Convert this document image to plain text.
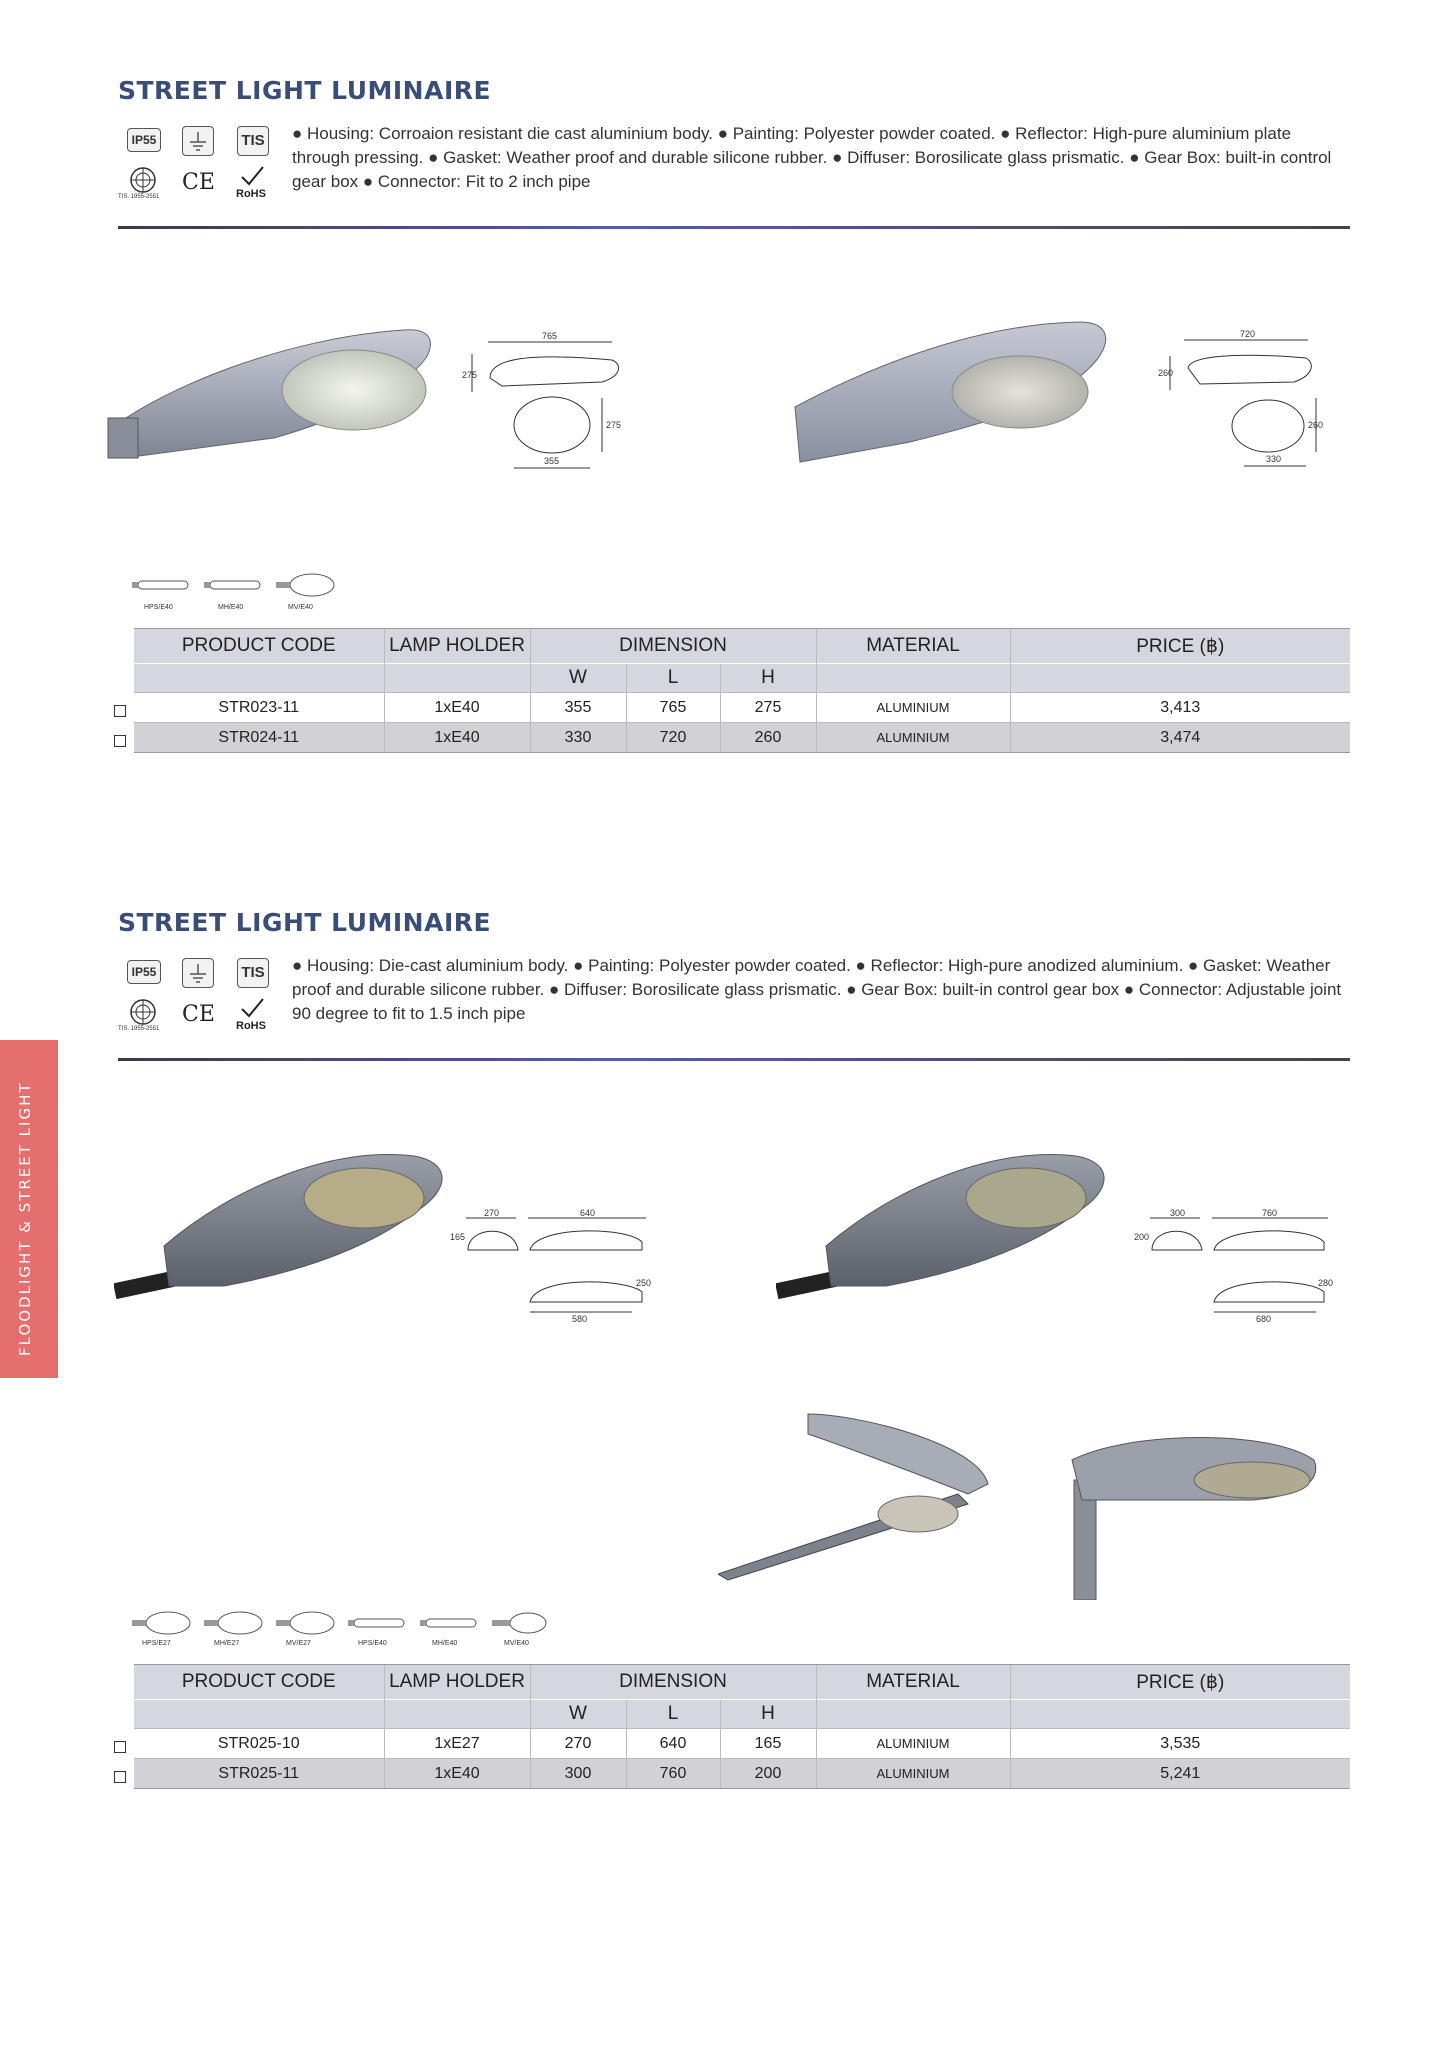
FLOODLIGHT & STREET LIGHT
STREET LIGHT LUMINAIRE
IP55	TIS
TIS. 1955-2551
CE RoHS
● Housing: Corroaion resistant die cast aluminium body. ● Painting: Polyester powder coated. ● Reflector: High-pure aluminium plate through pressing. ● Gasket: Weather proof and durable silicone rubber. ● Diffuser: Borosilicate glass prismatic. ● Gear Box: built-in control gear box ● Connector: Fit to 2 inch pipe
765
275
275
355
720
260
260
330
HPS/E40	MH/E40	MV/E40
PRODUCT CODE	LAMP HOLDER	DIMENSION			MATERIAL	PRICE (฿)
		W	L	H		
STR023-11	1xE40	355	765	275	ALUMINIUM	3,413
STR024-11	1xE40	330	720	260	ALUMINIUM	3,474
STREET LIGHT LUMINAIRE
IP55	TIS
TIS. 1955-2551
CE RoHS
● Housing: Die-cast aluminium body. ● Painting: Polyester powder coated. ● Reflector: High-pure anodized aluminium. ● Gasket: Weather proof and durable silicone rubber. ● Diffuser: Borosilicate glass prismatic. ● Gear Box: built-in control gear box ● Connector: Adjustable joint 90 degree to fit to 1.5 inch pipe
270
165
640
250
580
300
200
760
280
680
HPS/E27	MH/E27	MV/E27	HPS/E40	MH/E40	MV/E40
PRODUCT CODE	LAMP HOLDER	DIMENSION			MATERIAL	PRICE (฿)
		W	L	H		
STR025-10	1xE27	270	640	165	ALUMINIUM	3,535
STR025-11	1xE40	300	760	200	ALUMINIUM	5,241
